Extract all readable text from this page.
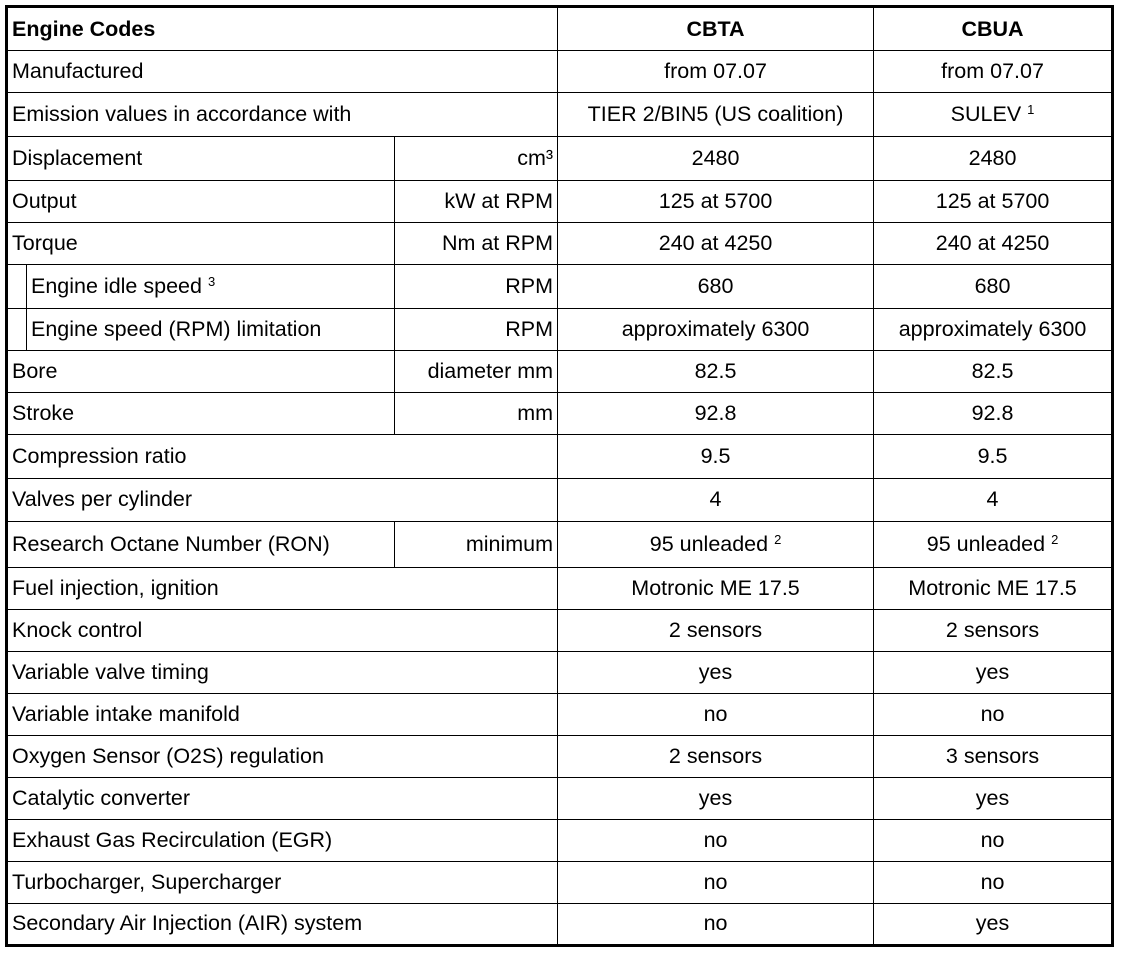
Engine Codes			CBTA	CBUA
Manufactured			from 07.07	from 07.07
Emission values in accordance with			TIER 2/BIN5 (US coalition)	SULEV $^1$
Displacement		cm³	2480	2480
Output		kW at RPM	125 at 5700	125 at 5700
Torque		Nm at RPM	240 at 4250	240 at 4250
	Engine idle speed $^3$	RPM	680	680
	Engine speed (RPM) limitation	RPM	approximately 6300	approximately 6300
Bore		diameter mm	82.5	82.5
Stroke		mm	92.8	92.8
Compression ratio			9.5	9.5
Valves per cylinder			4	4
Research Octane Number (RON)		minimum	95 unleaded $^2$	95 unleaded $^2$
Fuel injection, ignition			Motronic ME 17.5	Motronic ME 17.5
Knock control			2 sensors	2 sensors
Variable valve timing			yes	yes
Variable intake manifold			no	no
Oxygen Sensor (O2S) regulation			2 sensors	3 sensors
Catalytic converter			yes	yes
Exhaust Gas Recirculation (EGR)			no	no
Turbocharger, Supercharger			no	no
Secondary Air Injection (AIR) system			no	yes
